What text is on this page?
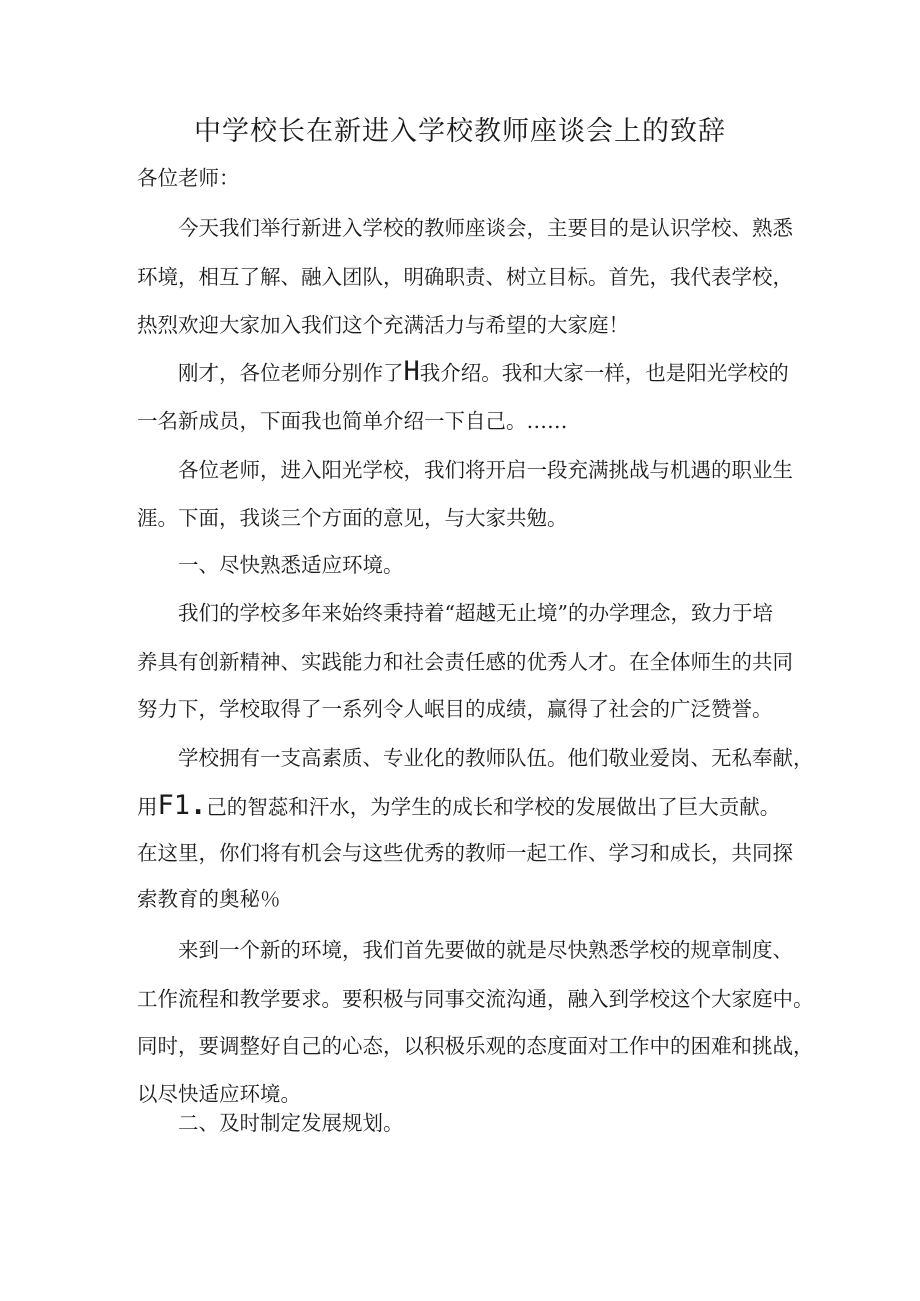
中学校长在新进入学校教师座谈会上的致辞
各位老师：
今天我们举行新进入学校的教师座谈会，主要目的是认识学校、熟悉
环境，相互了解、融入团队，明确职责、树立目标。首先，我代表学校，
热烈欢迎大家加入我们这个充满活力与希望的大家庭！
刚才，各位老师分别作了H我介绍。我和大家一样，也是阳光学校的
一名新成员，下面我也简单介绍一下自己。……
各位老师，进入阳光学校，我们将开启一段充满挑战与机遇的职业生
涯。下面，我谈三个方面的意见，与大家共勉。
一、尽快熟悉适应环境。
我们的学校多年来始终秉持着“超越无止境”的办学理念，致力于培
养具有创新精神、实践能力和社会责任感的优秀人才。在全体师生的共同
努力下，学校取得了一系列令人岷目的成绩，赢得了社会的广泛赞誉。
学校拥有一支高素质、专业化的教师队伍。他们敬业爱岗、无私奉献，
用F1.己的智蕊和汗水，为学生的成长和学校的发展做出了巨大贡献。
在这里，你们将有机会与这些优秀的教师一起工作、学习和成长，共同探
索教育的奥秘％
来到一个新的环境，我们首先要做的就是尽快熟悉学校的规章制度、
工作流程和教学要求。要积极与同事交流沟通，融入到学校这个大家庭中。
同时，要调整好自己的心态，以积极乐观的态度面对工作中的困难和挑战，
以尽快适应环境。
二、及时制定发展规划。
